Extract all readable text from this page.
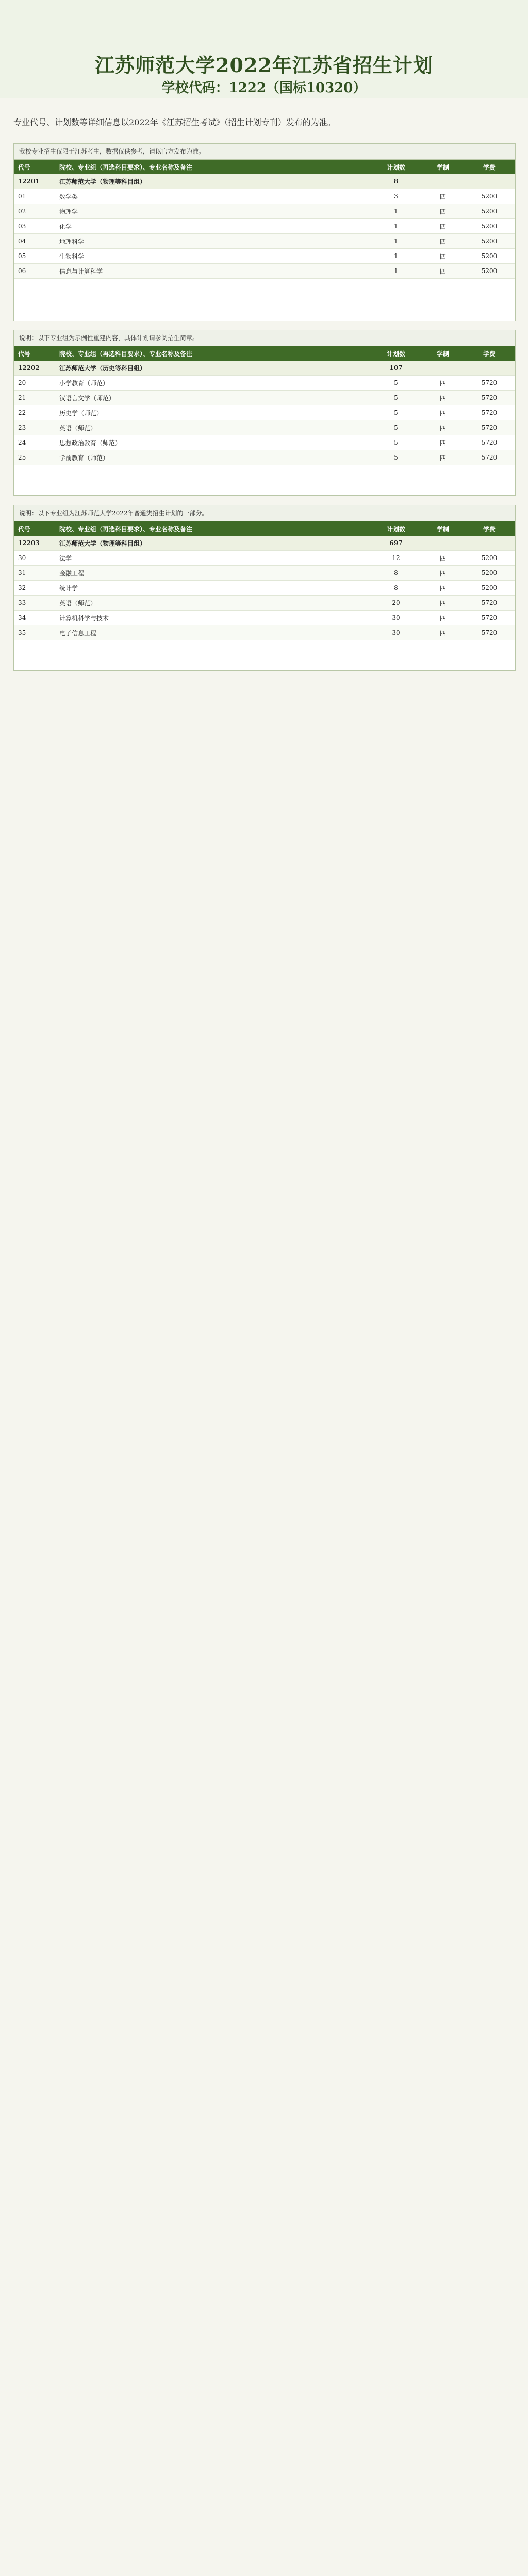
江苏师范大学2022年江苏省招生计划
学校代码：1222（国标10320）

专业代号、计划数等详细信息以2022年《江苏招生考试》（招生计划专刊）发布的为准。

我校专业招生仅限于江苏考生，数据仅供参考，请以官方发布为准。
代号	院校、专业组（再选科目要求）、专业名称及备注	计划数	学制	学费
12201	江苏师范大学（物理等科目组）	8
01	数学类	3	四	5200
02	物理学	1	四	5200
03	化学	1	四	5200
04	地理科学	1	四	5200
05	生物科学	1	四	5200
06	信息与计算科学	1	四	5200
说明：以下专业组为示例性重建内容，具体计划请参阅招生简章。
代号	院校、专业组（再选科目要求）、专业名称及备注	计划数	学制	学费
12202	江苏师范大学（历史等科目组）	107
20	小学教育（师范）	5	四	5720
21	汉语言文学（师范）	5	四	5720
22	历史学（师范）	5	四	5720
23	英语（师范）	5	四	5720
24	思想政治教育（师范）	5	四	5720
25	学前教育（师范）	5	四	5720
说明：以下专业组为江苏师范大学2022年普通类招生计划的一部分。
代号	院校、专业组（再选科目要求）、专业名称及备注	计划数	学制	学费
12203	江苏师范大学（物理等科目组）	697
30	法学	12	四	5200
31	金融工程	8	四	5200
32	统计学	8	四	5200
33	英语（师范）	20	四	5720
34	计算机科学与技术	30	四	5720
35	电子信息工程	30	四	5720
